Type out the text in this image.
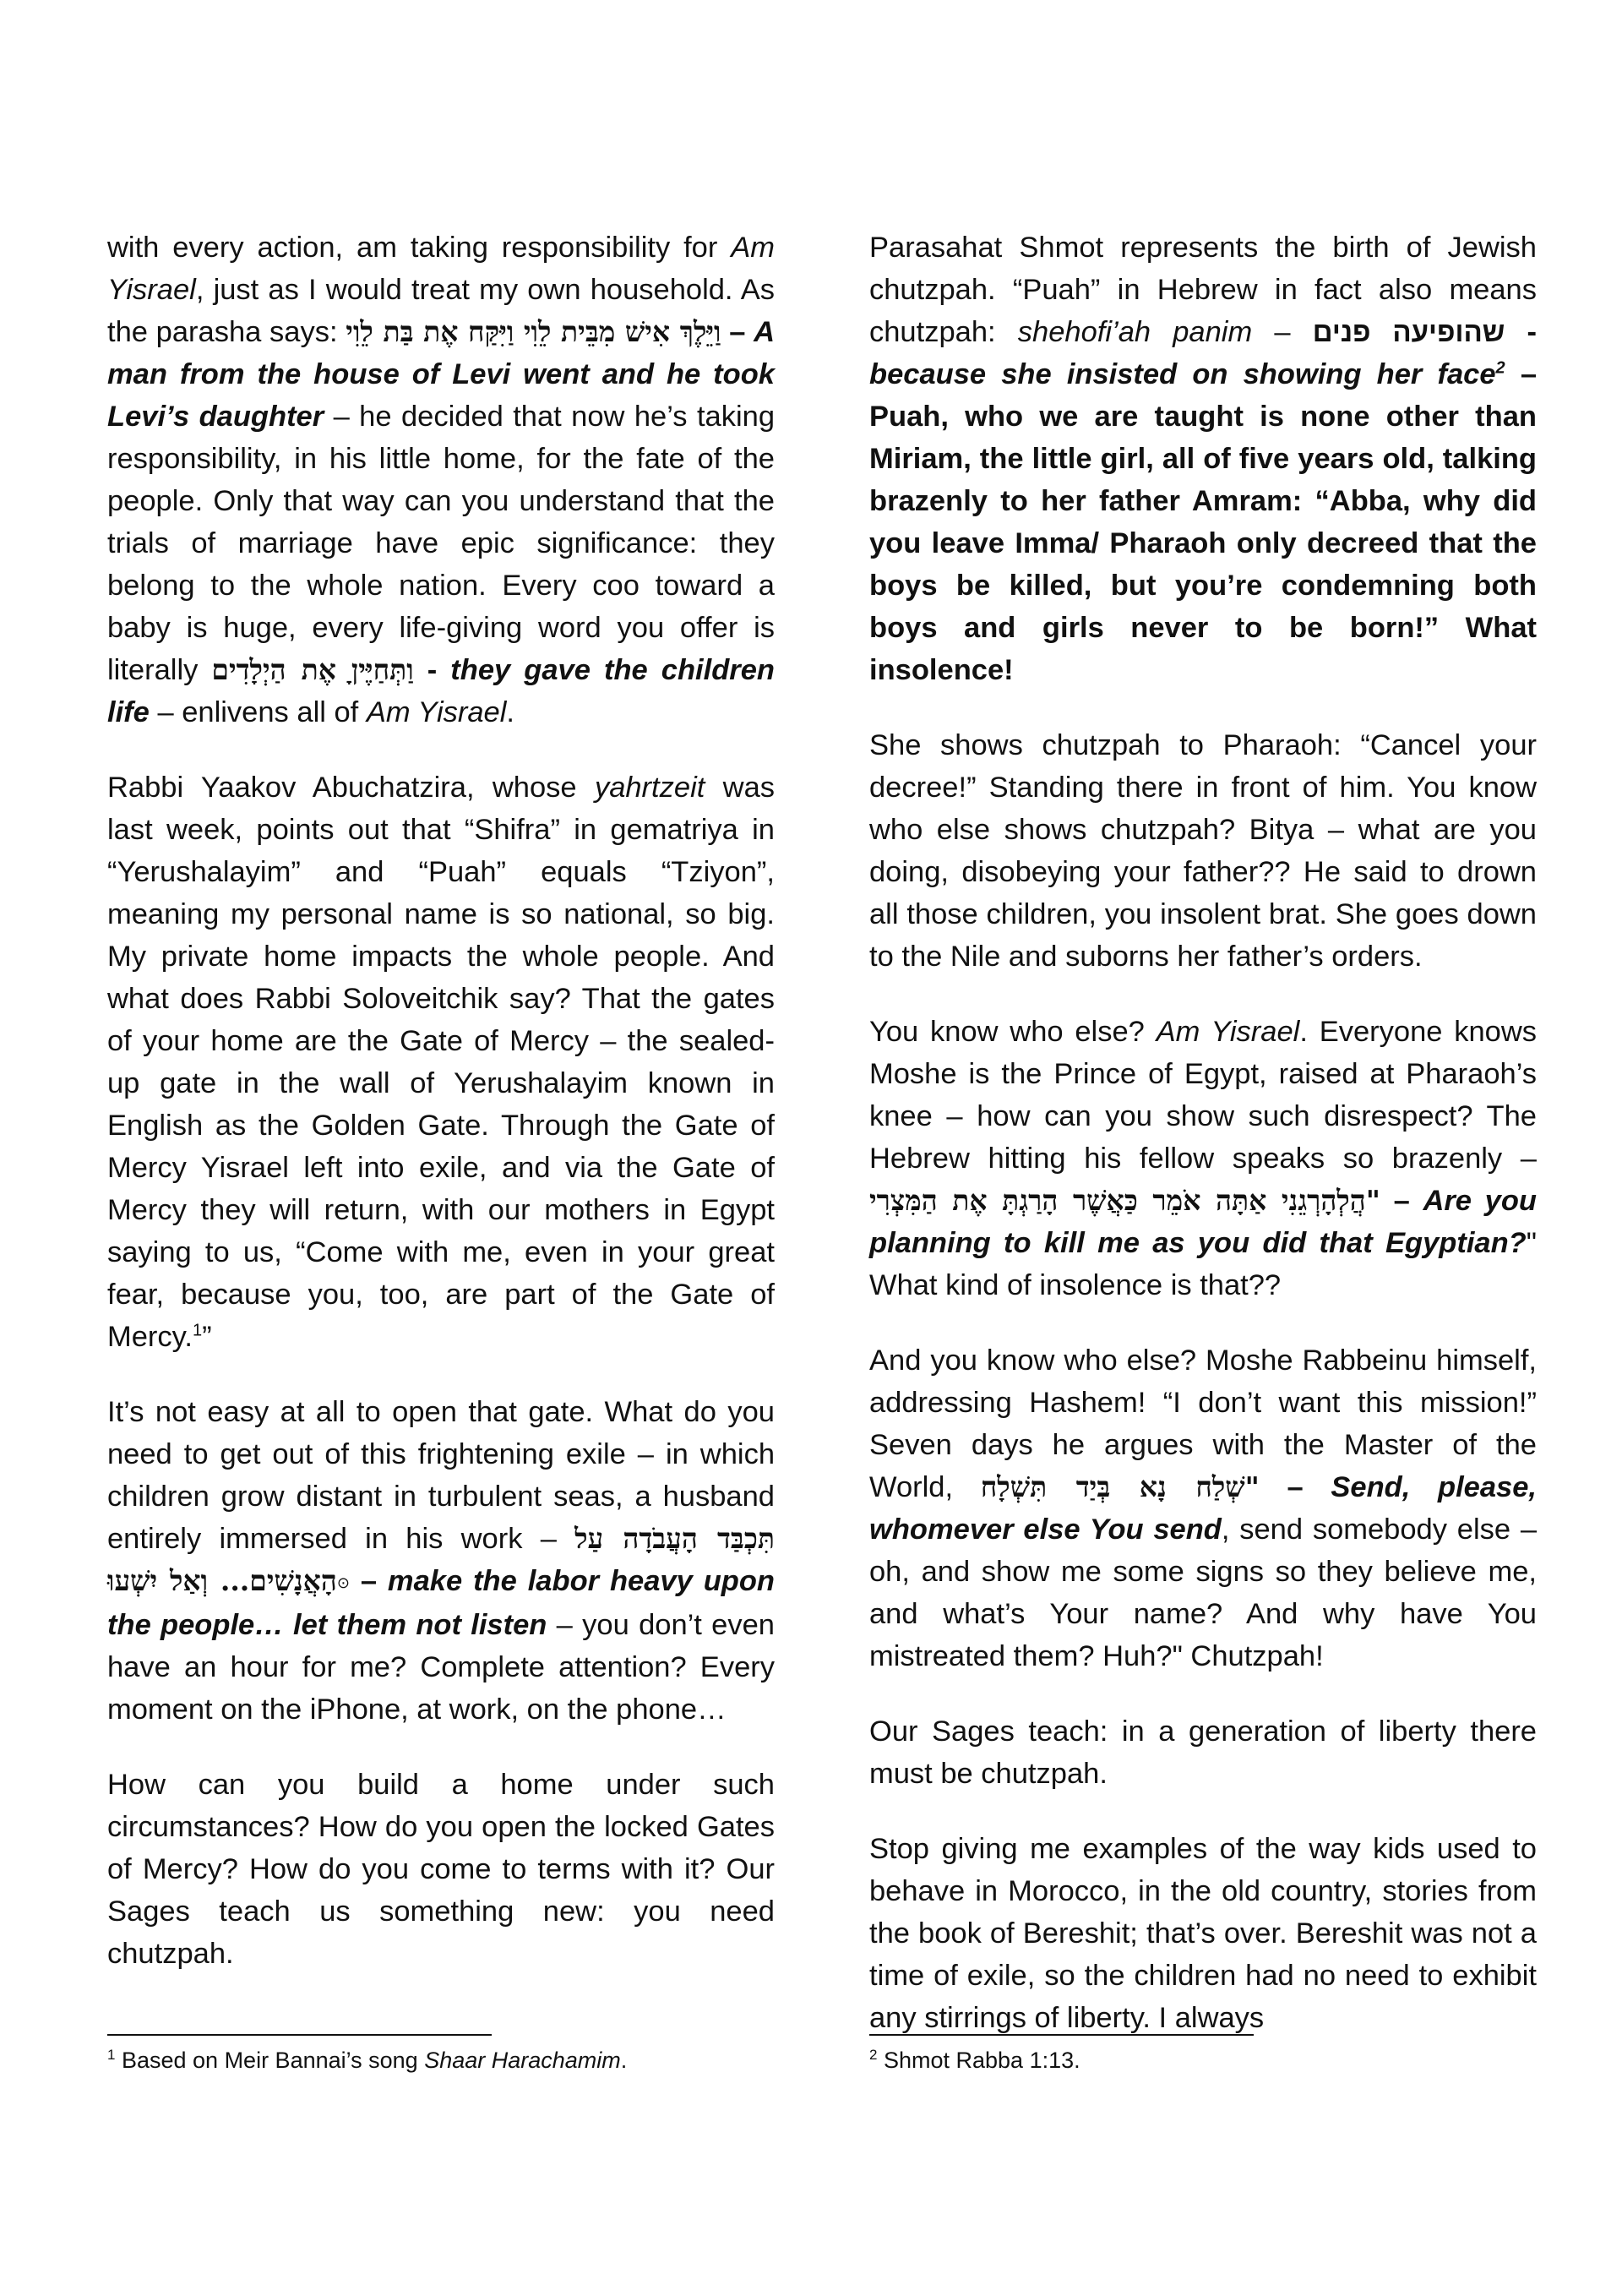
with every action, am taking responsibility for Am Yisrael, just as I would treat my own household. As the parasha says: וַיֵּלֶךְ אִישׁ מִבֵּית לֵוִי וַיִּקַּח אֶת בַּת לֵוִי – A man from the house of Levi went and he took Levi’s daughter – he decided that now he’s taking responsibility, in his little home, for the fate of the people. Only that way can you understand that the trials of marriage have epic significance: they belong to the whole nation. Every coo toward a baby is huge, every life-giving word you offer is literally וַתְּחַיֶּיןָ אֶת הַיְלָדִים - they gave the children life – enlivens all of Am Yisrael.

Rabbi Yaakov Abuchatzira, whose yahrtzeit was last week, points out that “Shifra” in gematriya in “Yerushalayim” and “Puah” equals “Tziyon”, meaning my personal name is so national, so big. My private home impacts the whole people. And what does Rabbi Soloveitchik say? That the gates of your home are the Gate of Mercy – the sealed-up gate in the wall of Yerushalayim known in English as the Golden Gate. Through the Gate of Mercy Yisrael left into exile, and via the Gate of Mercy they will return, with our mothers in Egypt saying to us, “Come with me, even in your great fear, because you, too, are part of the Gate of Mercy.$^1$”

It’s not easy at all to open that gate. What do you need to get out of this frightening exile – in which children grow distant in turbulent seas, a husband entirely immersed in his work – תִּכְבַּד הָעֲבֹדָה עַל הָאֲנָשִׁים... וְאַל יִשְׁעוּ⊙ – make the labor heavy upon the people… let them not listen – you don’t even have an hour for me? Complete attention? Every moment on the iPhone, at work, on the phone…

How can you build a home under such circumstances? How do you open the locked Gates of Mercy? How do you come to terms with it? Our Sages teach us something new: you need chutzpah.

Parasahat Shmot represents the birth of Jewish chutzpah. “Puah” in Hebrew in fact also means chutzpah: shehofi’ah panim – שהופיעה פנים - because she insisted on showing her face$^2$ – Puah, who we are taught is none other than Miriam, the little girl, all of five years old, talking brazenly to her father Amram: “Abba, why did you leave Imma/ Pharaoh only decreed that the boys be killed, but you’re condemning both boys and girls never to be born!” What insolence!

She shows chutzpah to Pharaoh: “Cancel your decree!” Standing there in front of him. You know who else shows chutzpah? Bitya – what are you doing, disobeying your father?? He said to drown all those children, you insolent brat. She goes down to the Nile and suborns her father’s orders.

You know who else? Am Yisrael. Everyone knows Moshe is the Prince of Egypt, raised at Pharaoh’s knee – how can you show such disrespect? The Hebrew hitting his fellow speaks so brazenly – "הֲלְהָרְגֵנִי אַתָּה אֹמֵר כַּאֲשֶׁר הָרַגְתָּ אֶת הַמִּצְרִי – Are you planning to kill me as you did that Egyptian?" What kind of insolence is that??

And you know who else? Moshe Rabbeinu himself, addressing Hashem! “I don’t want this mission!” Seven days he argues with the Master of the World, "שְׁלַח נָא בְּיַד תִּשְׁלָח – Send, please, whomever else You send, send somebody else – oh, and show me some signs so they believe me, and what’s Your name? And why have You mistreated them? Huh?" Chutzpah!

Our Sages teach: in a generation of liberty there must be chutzpah.

Stop giving me examples of the way kids used to behave in Morocco, in the old country, stories from the book of Bereshit; that’s over. Bereshit was not a time of exile, so the children had no need to exhibit any stirrings of liberty. I always

$^1$ Based on Meir Bannai’s song Shaar Harachamim.	$^2$ Shmot Rabba 1:13.
